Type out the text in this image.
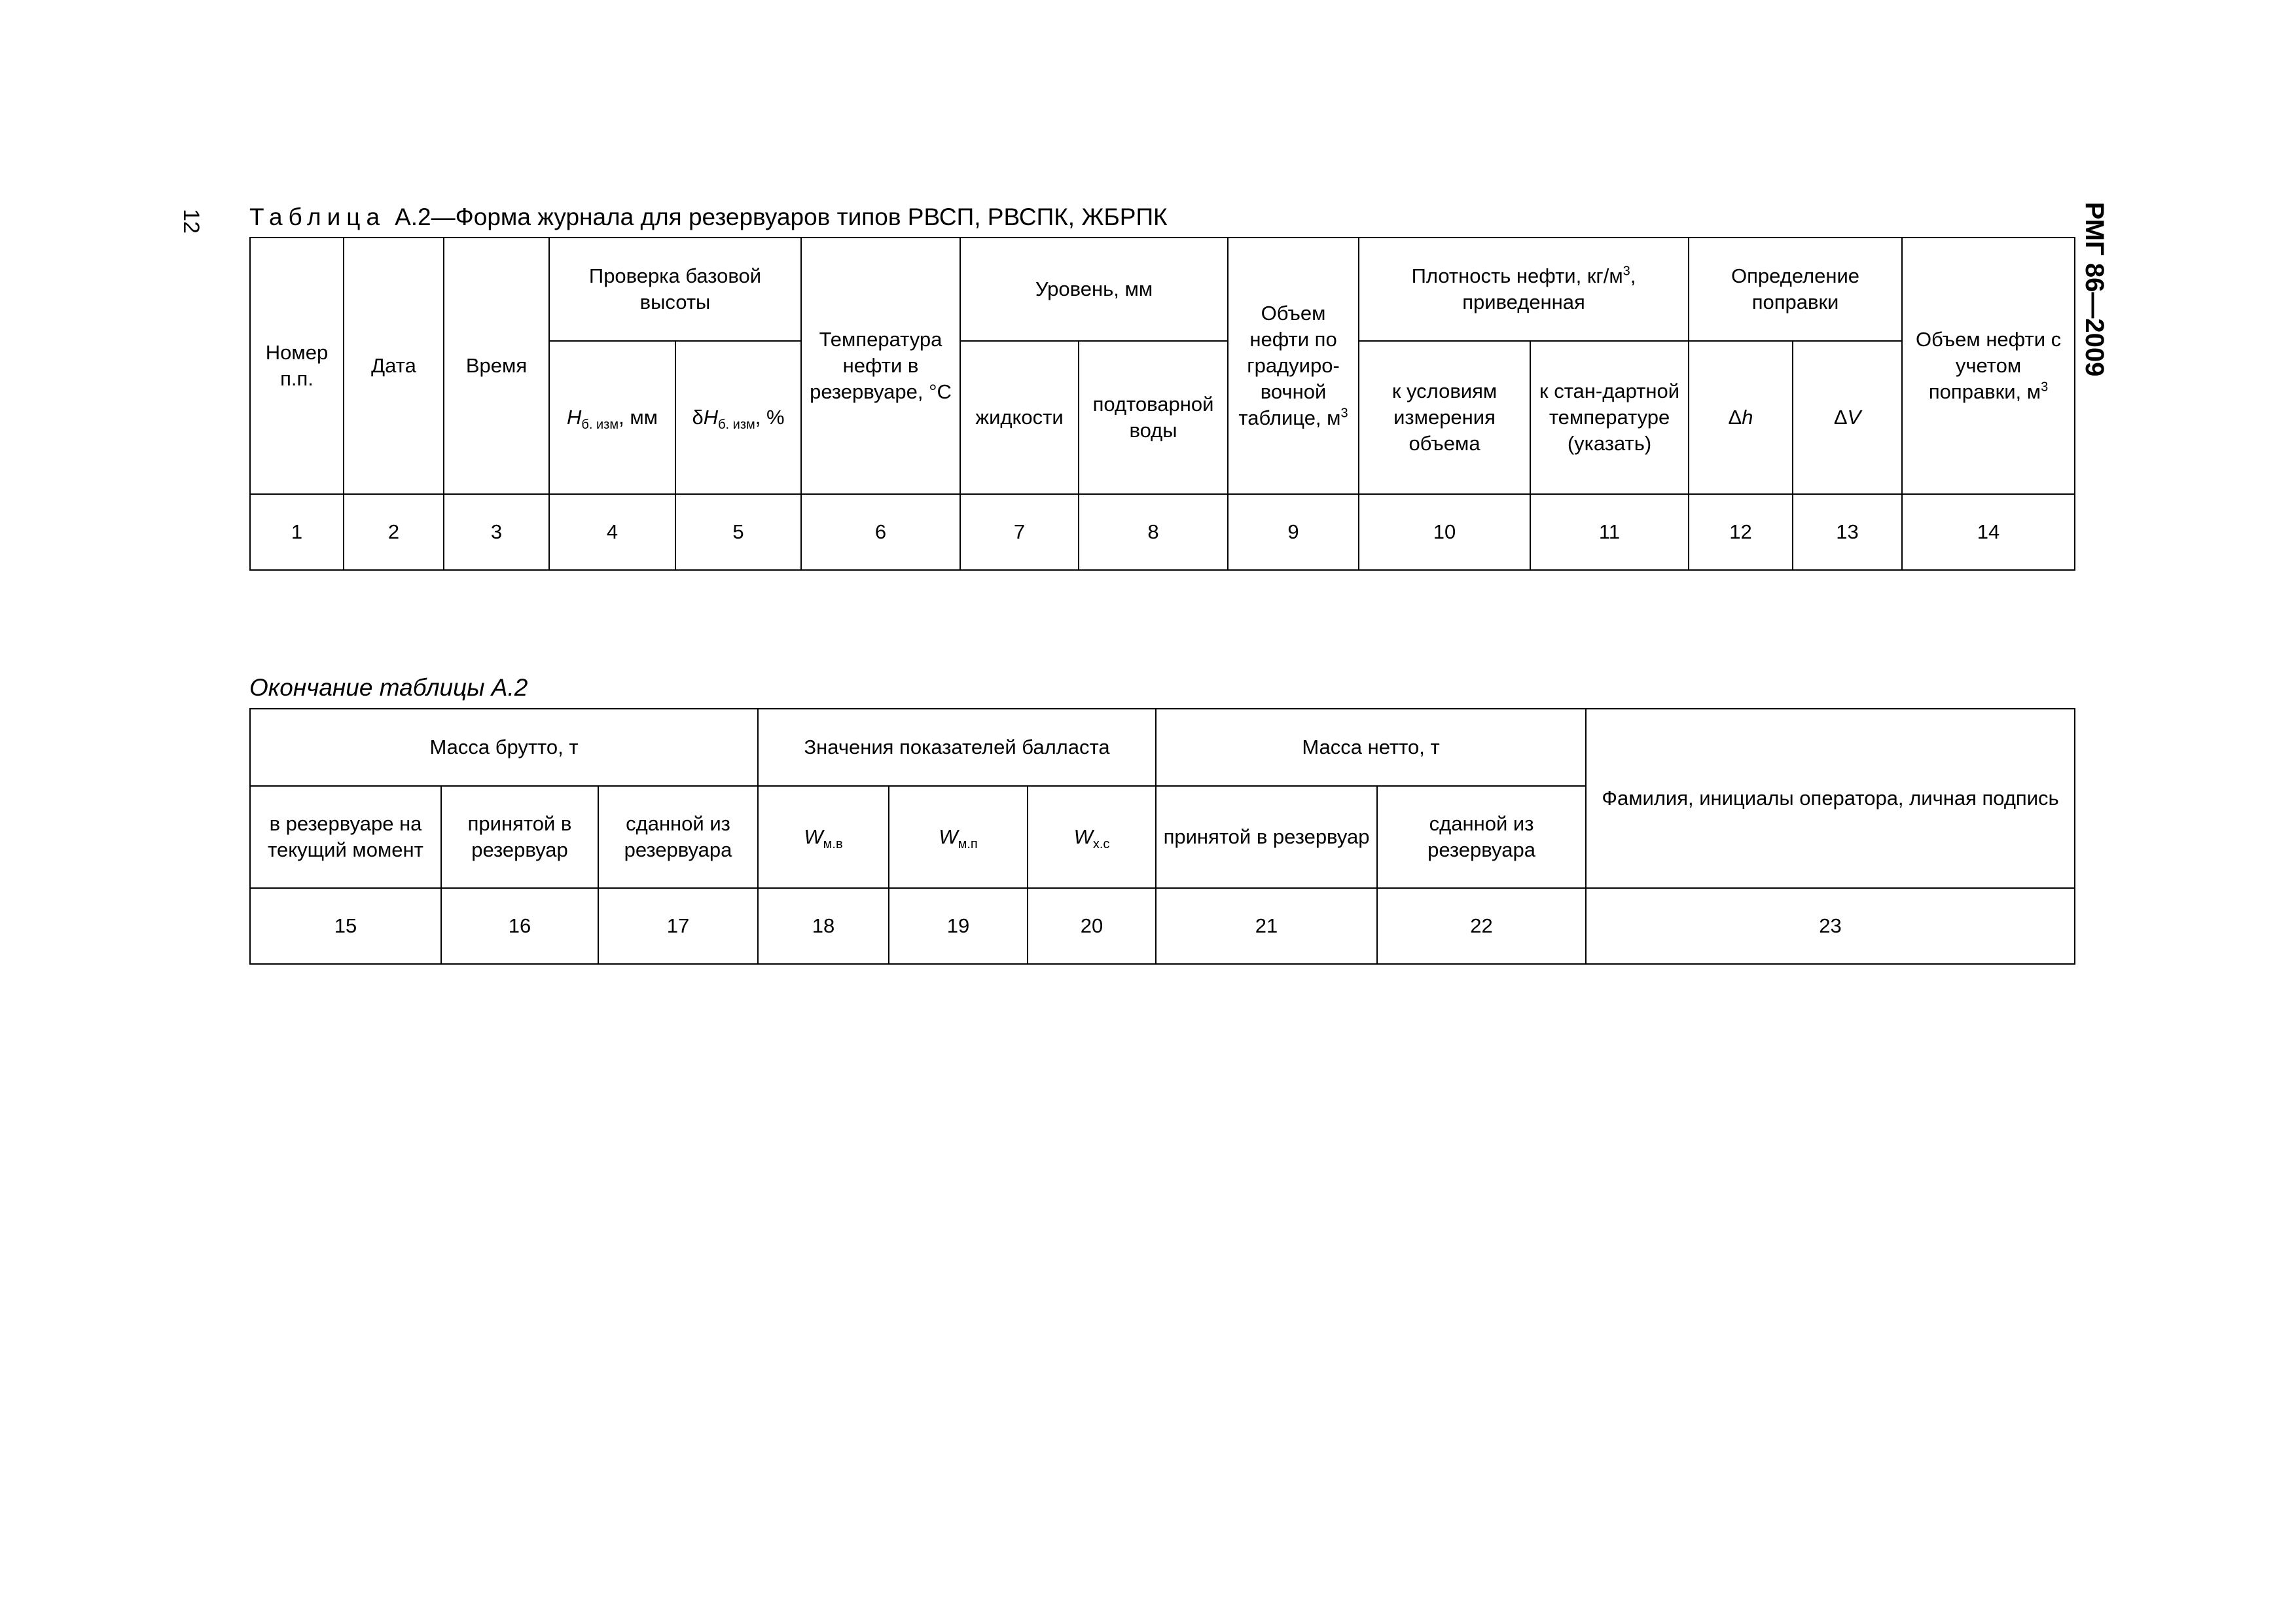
12	РМГ 86—2009
Таблица А.2—Форма журнала для резервуаров типов РВСП, РВСПК, ЖБРПК
Номер п.п.	Дата	Время	Проверка базовой высоты		Температура нефти в резервуаре, °С	Уровень, мм		Объем нефти по градуиро-вочной таблице, $м^3$	Плотность нефти, $кг/м^3$, приведенная		Определение поправки		Объем нефти с учетом поправки, $м^3$
			$H_{б. изм}$, мм	$\delta H_{б. изм}$, %		жидкости	подтоварной воды		к условиям измерения объема	к стан-дартной температуре (указать)	Δh	ΔV	
1	2	3	4	5	6	7	8	9	10	11	12	13	14
Окончание таблицы А.2
Масса брутто, т			Значения показателей балласта			Масса нетто, т		Фамилия, инициалы оператора, личная подпись
в резервуаре на текущий момент	принятой в резервуар	сданной из резервуара	$W_{м.в}$	$W_{м.п}$	$W_{х.с}$	принятой в резервуар	сданной из резервуара	
15	16	17	18	19	20	21	22	23
